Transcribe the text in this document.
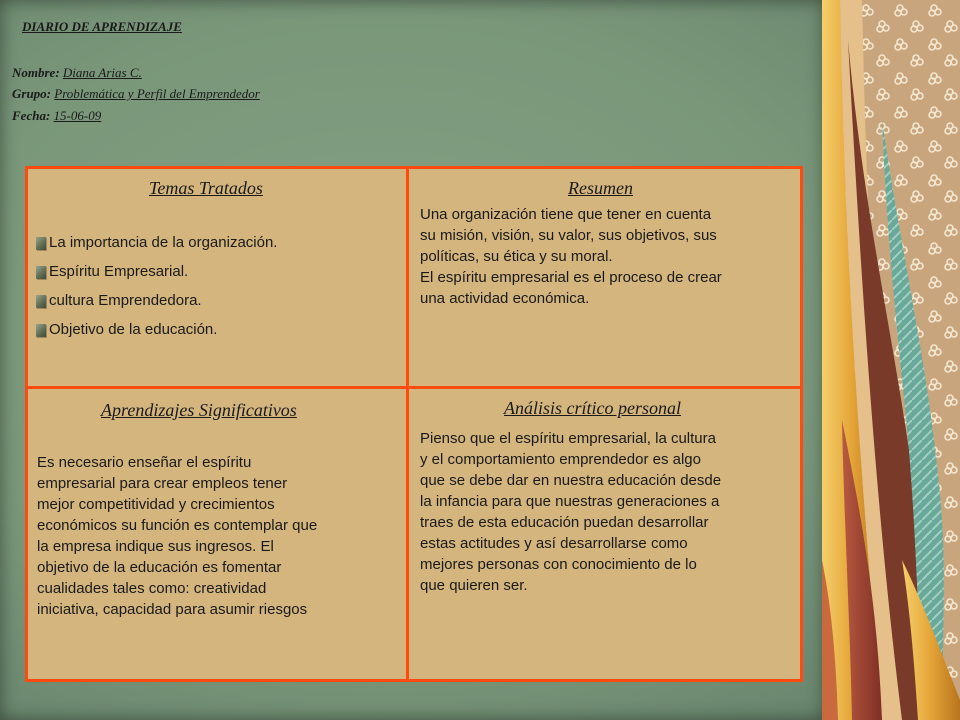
DIARIO DE APRENDIZAJE
Nombre: Diana Arias C.
Grupo: Problemática y Perfil del Emprendedor
Fecha: 15-06-09
Temas Tratados
La importancia de la organización.
Espíritu Empresarial.
cultura Emprendedora.
Objetivo de la educación.
Resumen
Una organización tiene que tener en cuenta
su misión, visión, su valor, sus objetivos, sus
políticas, su ética y su moral.
El espíritu empresarial es el proceso de crear
una actividad económica.
Aprendizajes Significativos
Es necesario enseñar el espíritu
empresarial para crear empleos tener
mejor competitividad y crecimientos
económicos su función es contemplar que
la empresa indique sus ingresos. El
objetivo de la educación es fomentar
cualidades tales como: creatividad
iniciativa, capacidad para asumir riesgos
Análisis crítico personal
Pienso que el espíritu empresarial, la cultura
y el comportamiento emprendedor es algo
que se debe dar en nuestra educación desde
la infancia para que nuestras generaciones a
traes de esta educación puedan desarrollar
estas actitudes y así desarrollarse como
mejores personas con conocimiento de lo
que quieren ser.
